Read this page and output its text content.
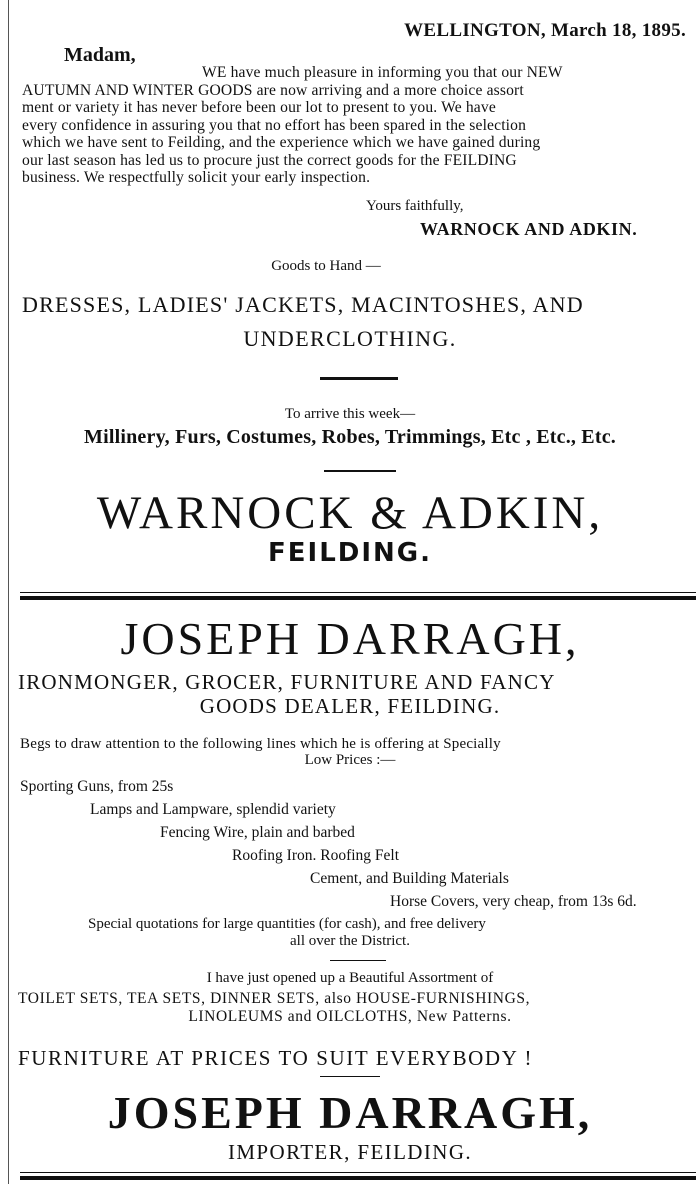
WELLINGTON, March 18, 1895.
Madam,
WE have much pleasure in informing you that our NEW
AUTUMN AND WINTER GOODS are now arriving and a more choice assort
ment or variety it has never before been our lot to present to you. We have
every confidence in assuring you that no effort has been spared in the selection
which we have sent to Feilding, and the experience which we have gained during
our last season has led us to procure just the correct goods for the FEILDING
business. We respectfully solicit your early inspection.
Yours faithfully,
WARNOCK AND ADKIN.
Goods to Hand —
DRESSES, LADIES' JACKETS, MACINTOSHES, AND
UNDERCLOTHING.
To arrive this week—
Millinery, Furs, Costumes, Robes, Trimmings, Etc , Etc., Etc.
WARNOCK & ADKIN,
FEILDING.
JOSEPH DARRAGH,
IRONMONGER, GROCER, FURNITURE AND FANCY
GOODS DEALER, FEILDING.
Begs to draw attention to the following lines which he is offering at Specially
Low Prices :—
Sporting Guns, from 25s
Lamps and Lampware, splendid variety
Fencing Wire, plain and barbed
Roofing Iron. Roofing Felt
Cement, and Building Materials
Horse Covers, very cheap, from 13s 6d.
Special quotations for large quantities (for cash), and free delivery
all over the District.
I have just opened up a Beautiful Assortment of
TOILET SETS, TEA SETS, DINNER SETS, also HOUSE-FURNISHINGS,
LINOLEUMS and OILCLOTHS, New Patterns.
FURNITURE AT PRICES TO SUIT EVERYBODY !
JOSEPH DARRAGH,
IMPORTER, FEILDING.
